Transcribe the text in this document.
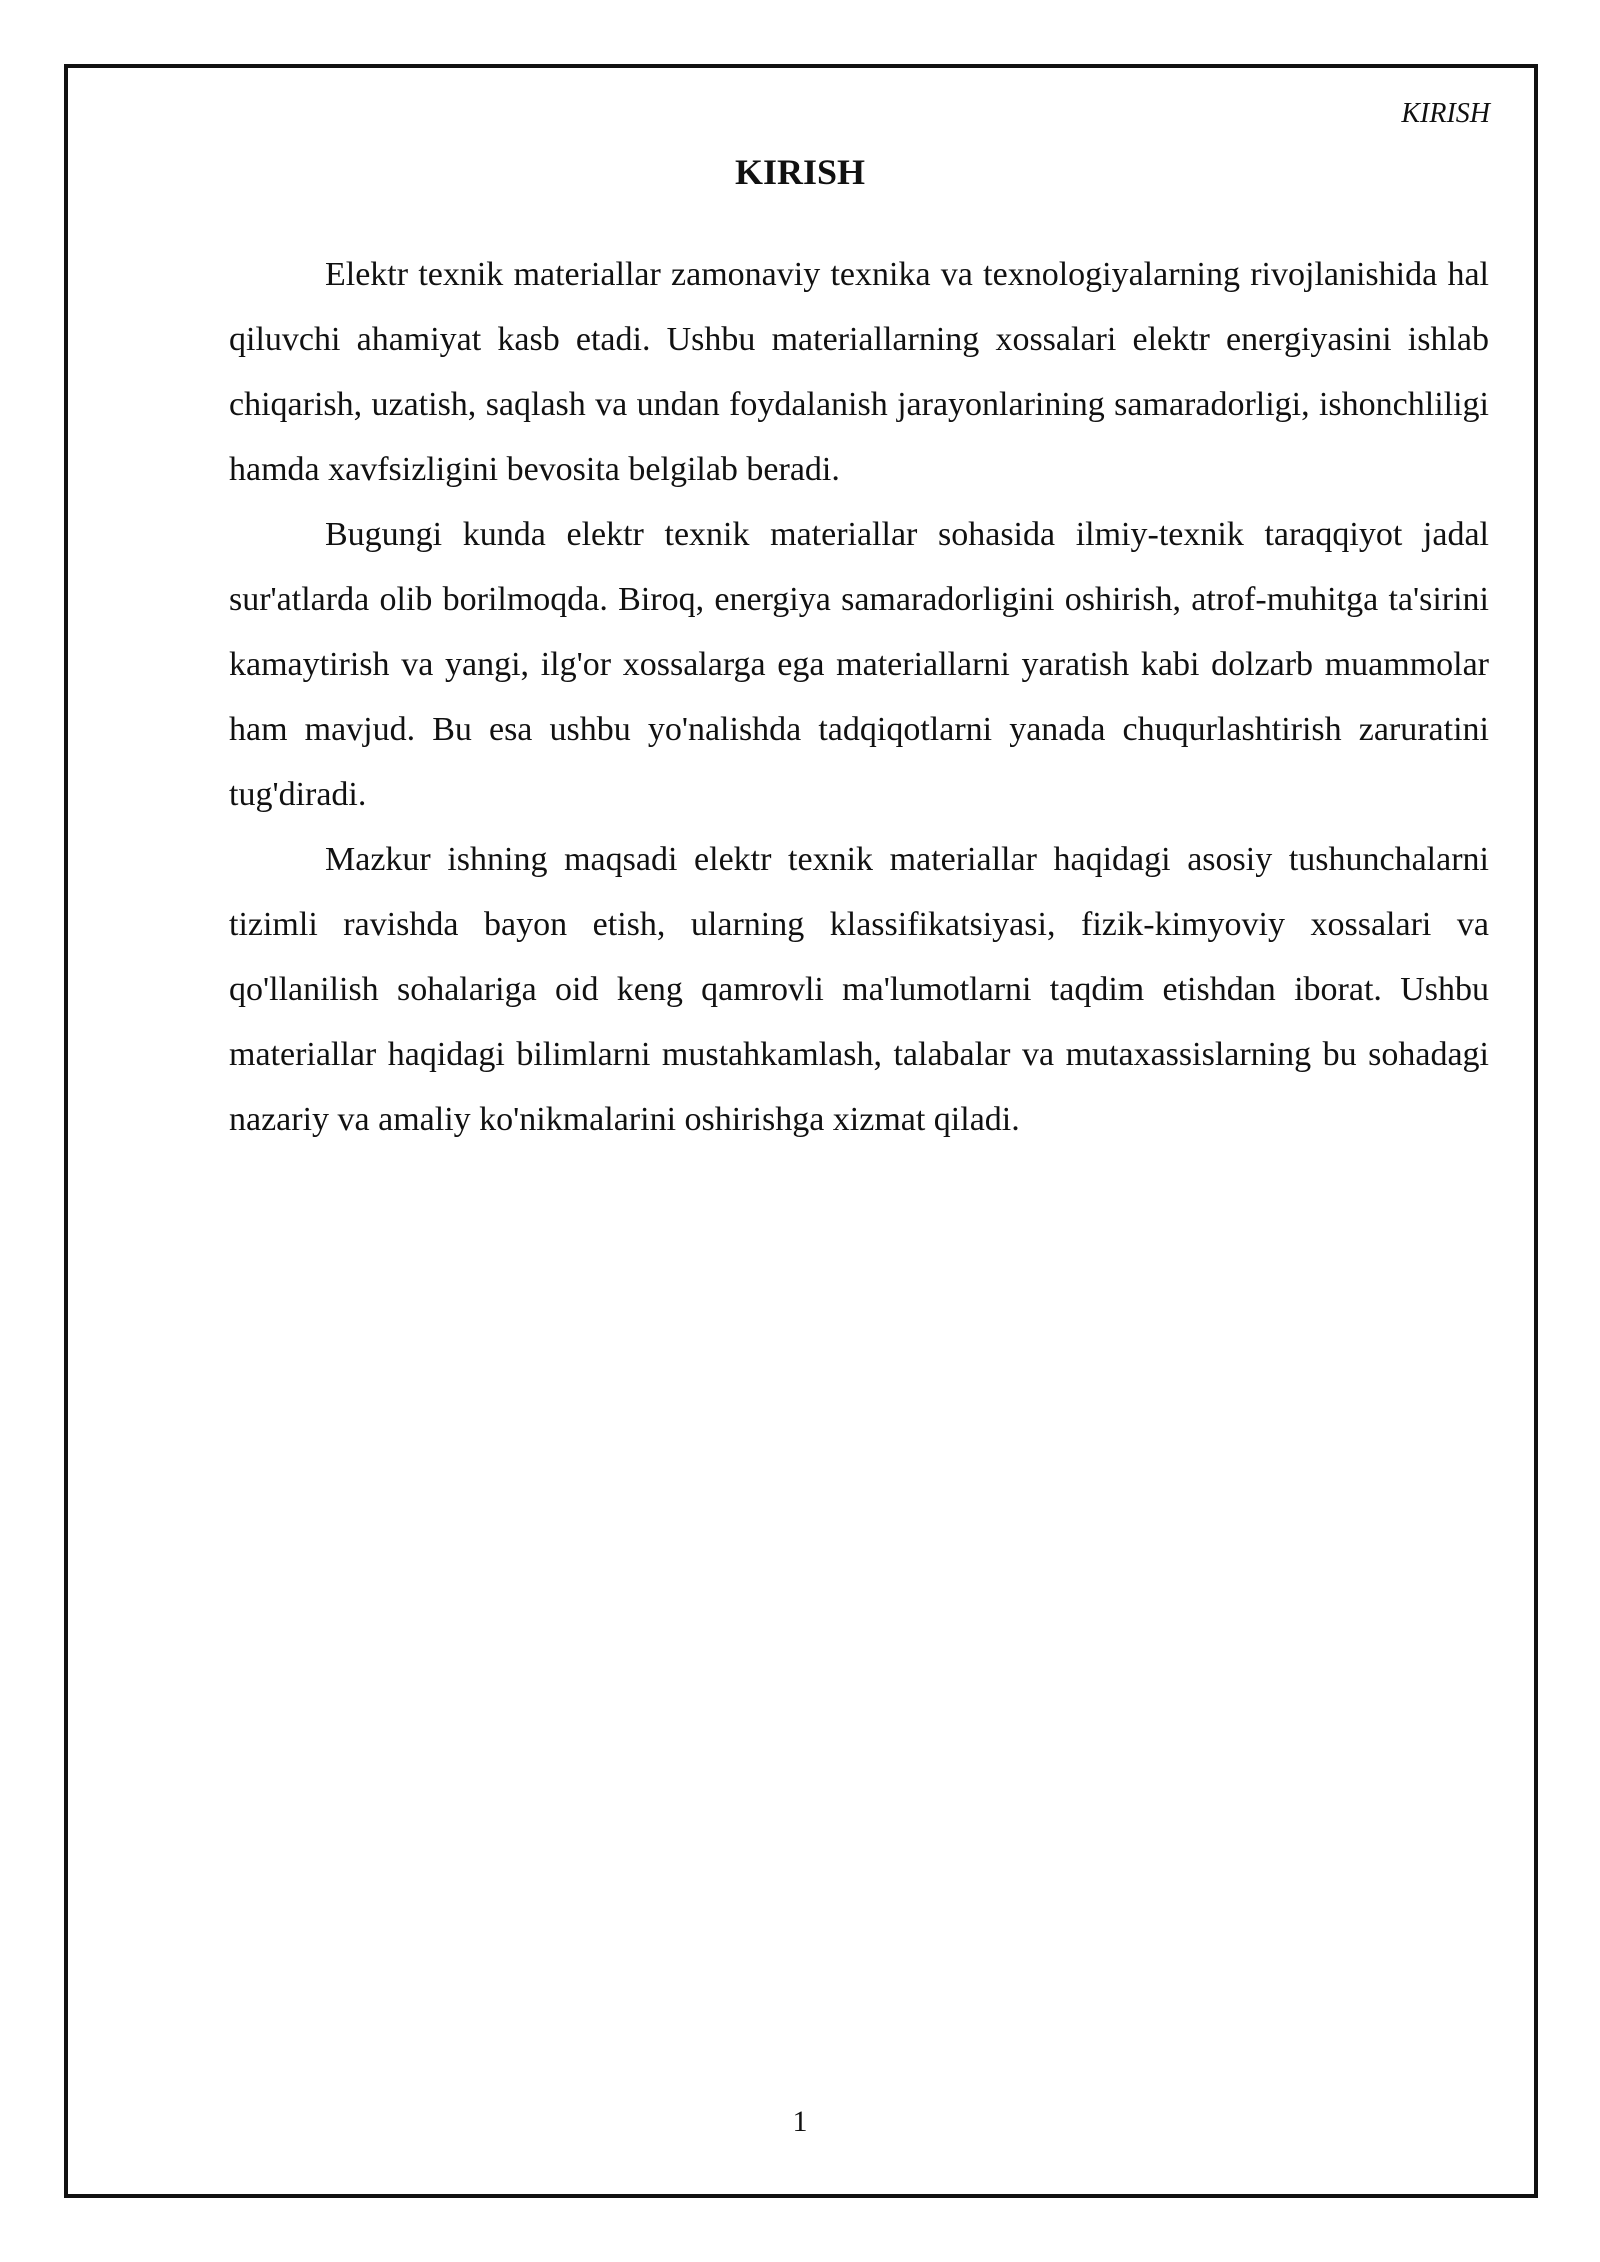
KIRISH
KIRISH

Elektr texnik materiallar zamonaviy texnika va texnologiyalarning rivojlanishida hal qiluvchi ahamiyat kasb etadi. Ushbu materiallarning xossalari elektr energiyasini ishlab chiqarish, uzatish, saqlash va undan foydalanish jarayonlarining samaradorligi, ishonchliligi hamda xavfsizligini bevosita belgilab beradi.

Bugungi kunda elektr texnik materiallar sohasida ilmiy-texnik taraqqiyot jadal sur'atlarda olib borilmoqda. Biroq, energiya samaradorligini oshirish, atrof-muhitga ta'sirini kamaytirish va yangi, ilg'or xossalarga ega materiallarni yaratish kabi dolzarb muammolar ham mavjud. Bu esa ushbu yo'nalishda tadqiqotlarni yanada chuqurlashtirish zaruratini tug'diradi.

Mazkur ishning maqsadi elektr texnik materiallar haqidagi asosiy tushunchalarni tizimli ravishda bayon etish, ularning klassifikatsiyasi, fizik-kimyoviy xossalari va qo'llanilish sohalariga oid keng qamrovli ma'lumotlarni taqdim etishdan iborat. Ushbu materiallar haqidagi bilimlarni mustahkamlash, talabalar va mutaxassislarning bu sohadagi nazariy va amaliy ko'nikmalarini oshirishga xizmat qiladi.

1
